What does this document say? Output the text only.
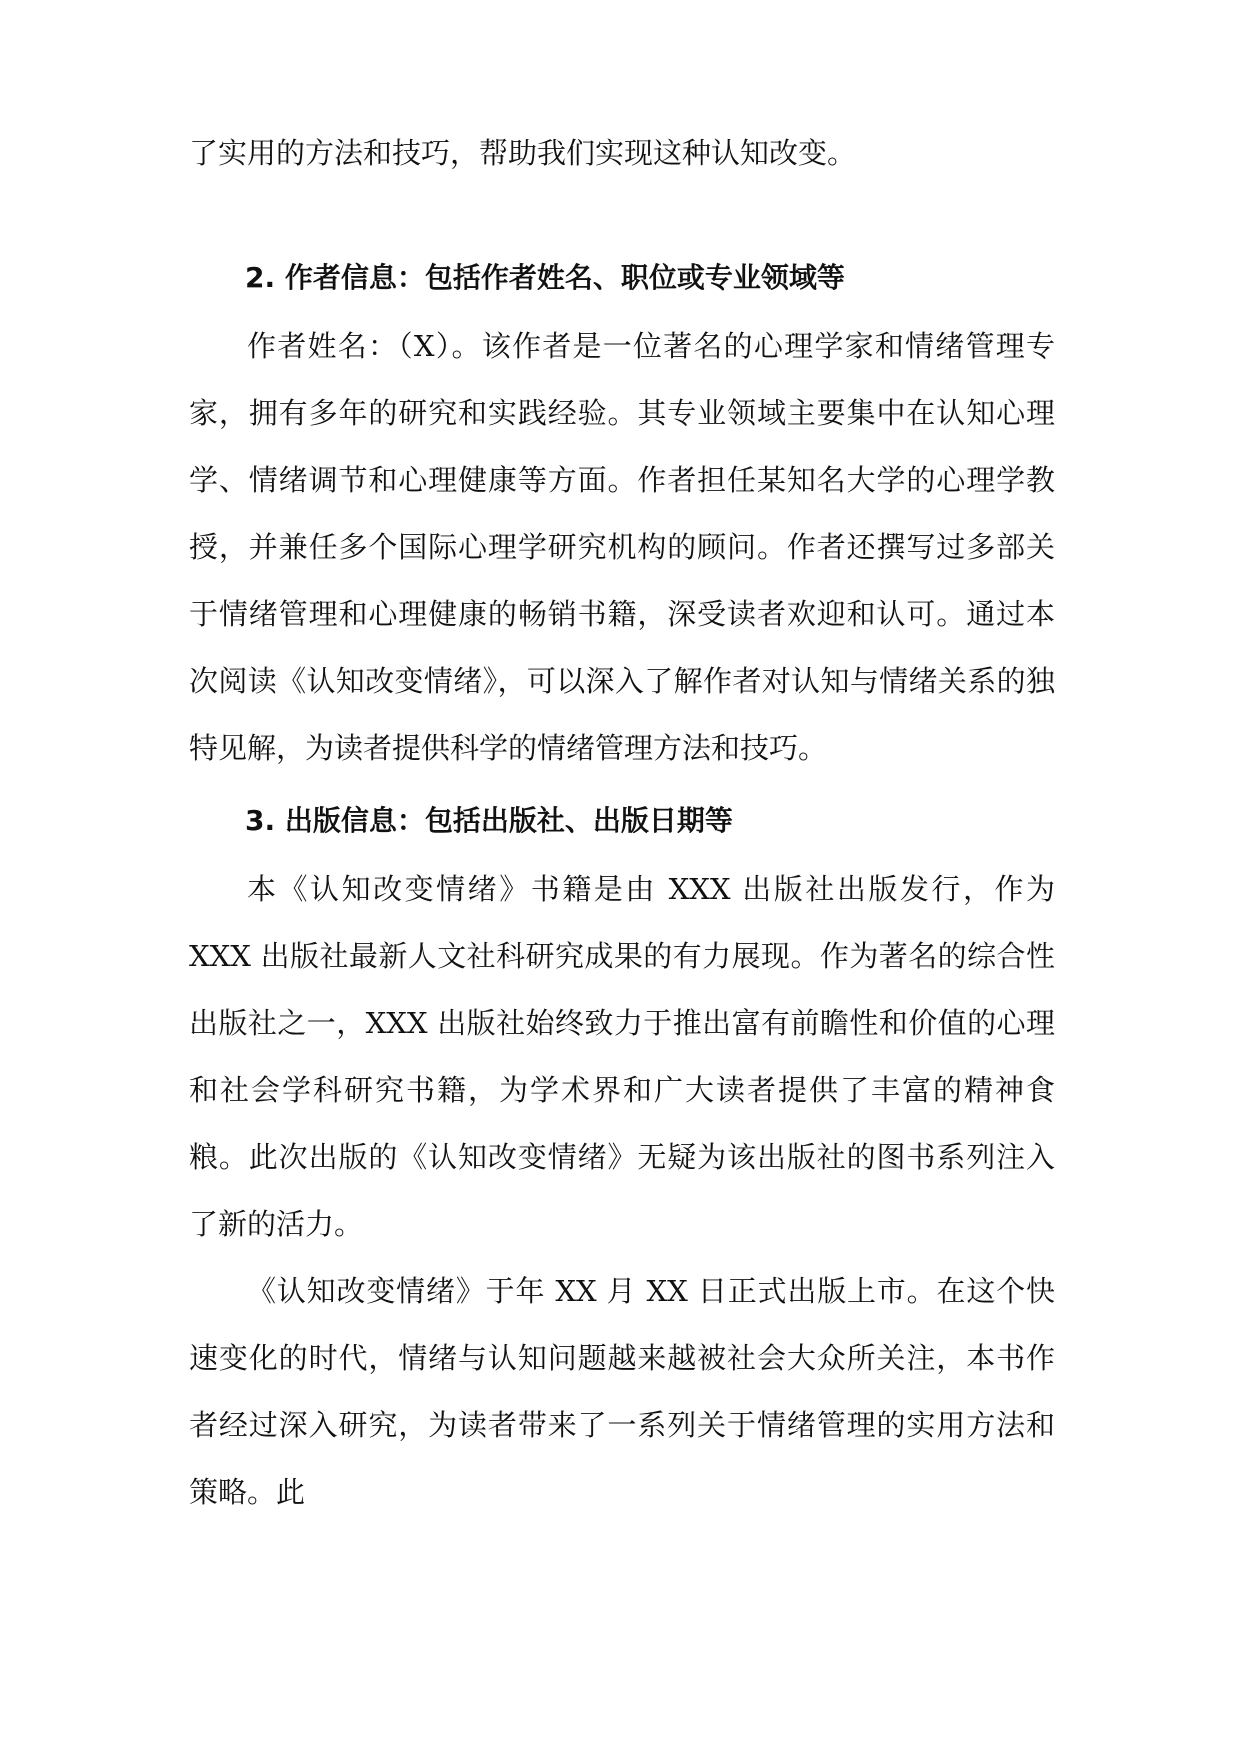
了实用的方法和技巧，帮助我们实现这种认知改变。

2. 作者信息：包括作者姓名、职位或专业领域等

作者姓名：（X）。该作者是一位著名的心理学家和情绪管理专家，拥有多年的研究和实践经验。其专业领域主要集中在认知心理学、情绪调节和心理健康等方面。作者担任某知名大学的心理学教授，并兼任多个国际心理学研究机构的顾问。作者还撰写过多部关于情绪管理和心理健康的畅销书籍，深受读者欢迎和认可。通过本次阅读《认知改变情绪》，可以深入了解作者对认知与情绪关系的独特见解，为读者提供科学的情绪管理方法和技巧。

3. 出版信息：包括出版社、出版日期等

本《认知改变情绪》书籍是由 XXX 出版社出版发行，作为 XXX 出版社最新人文社科研究成果的有力展现。作为著名的综合性出版社之一，XXX 出版社始终致力于推出富有前瞻性和价值的心理和社会学科研究书籍，为学术界和广大读者提供了丰富的精神食粮。此次出版的《认知改变情绪》无疑为该出版社的图书系列注入了新的活力。

《认知改变情绪》于年 XX 月 XX 日正式出版上市。在这个快速变化的时代，情绪与认知问题越来越被社会大众所关注，本书作者经过深入研究，为读者带来了一系列关于情绪管理的实用方法和策略。此
